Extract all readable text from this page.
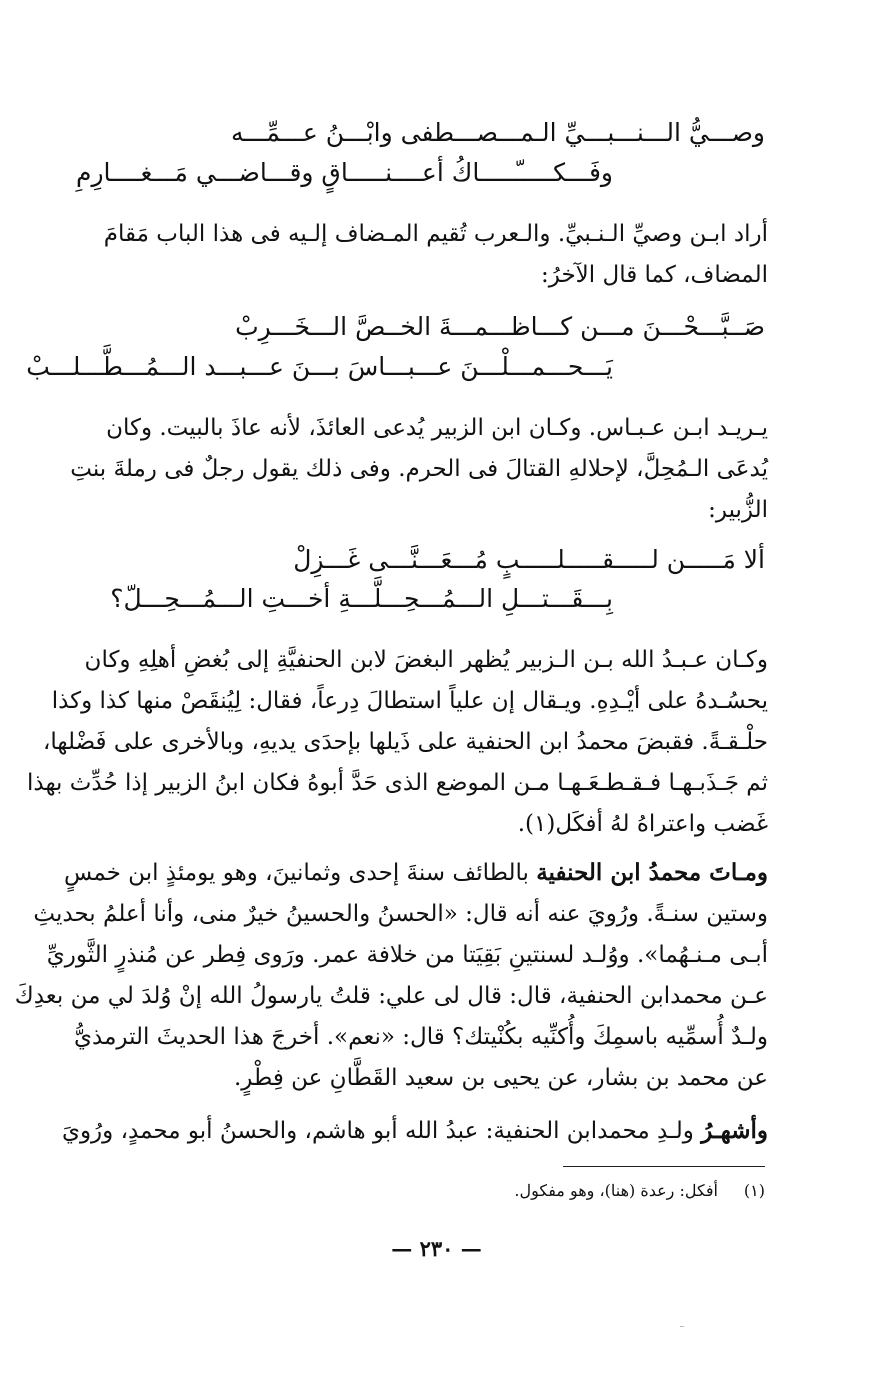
وصـــيُّ الـــنـــبـــيِّ الـمـــصـــطفى وابْـــنُ عـــمِّـــه
وفَـــكـــــّـــــاكُ أعــــنـــــاقٍ وقـــاضـــي مَـــغــــارِمِ
أراد ابـن وصيِّ الـنـبيِّ. والـعرب تُقيم المـضاف إلـيه فى هذا الباب مَقامَ
المضاف، كما قال الآخرُ:
صَــبَّـــحْـــنَ مـــن كـــاظـــمـــةَ الخــصَّ الـــخَـــرِبْ
يَـــحـــمـــلْـــنَ عـــبـــاسَ بـــنَ عـــبـــد الـــمُـــطَّـــلـــبْ
يـريـد ابـن عـبـاس. وكـان ابن الزبير يُدعى العائذَ، لأنه عاذَ بالبيت. وكان
يُدعَى الـمُحِلَّ، لإحلالهِ القتالَ فى الحرم. وفى ذلك يقول رجلٌ فى رملةَ بنتِ
الزُّبير:
ألا مَـــــن لـــــقـــــلـــــبٍ مُـــعَـــنَّـــى غَـــزِلْ
بِـــقَـــتـــلِ الـــمُـــحِـــلَّـــةِ أخـــتِ الـــمُـــحِـــلّ؟
وكـان عـبـدُ الله بـن الـزبير يُظهر البغضَ لابن الحنفيَّةِ إلى بُغضِ أهلِهِ وكان
يحسُـدهُ على أيْـدِهِ. ويـقال إن علياً استطالَ دِرعاً، فقال: لِيُنقَصْ منها كذا وكذا
حلْـقـةً. فقبضَ محمدُ ابن الحنفية على ذَيلها بإحدَى يديهِ، وبالأخرى على فَضْلها،
ثم جَـذَبـهـا فـقـطـعَـهـا مـن الموضع الذى حَدَّ أبوهُ فكان ابنُ الزبير إذا حُدِّث بهذا
غَضب واعتراهُ لهُ أفكَل(١).
ومـاتَ محمدُ ابن الحنفية بالطائف سنةَ إحدى وثمانينَ، وهو يومئذٍ ابن خمسٍ
وستين سنـةً. ورُويَ عنه أنه قال: «الحسنُ والحسينُ خيرٌ منى، وأنا أعلمُ بحديثِ
أبـى مـنـهُما». ووُلـد لسنتينِ بَقِيَتا من خلافة عمر. ورَوى فِطر عن مُنذرٍ الثَّوريِّ
عـن محمدابن الحنفية، قال: قال لى علي: قلتُ يارسولُ الله إنْ وُلدَ لي من بعدِكَ
ولـدٌ أُسمِّيه باسمِكَ وأُكنِّيه بكُنْيتك؟ قال: «نعم». أخرجَ هذا الحديثَ الترمذيُّ
عن محمد بن بشار، عن يحيى بن سعيد القَطَّانِ عن فِطْرٍ.
وأشهـرُ ولـدِ محمدابن الحنفية: عبدُ الله أبو هاشم، والحسنُ أبو محمدٍ، ورُويَ
(١)أفكل: رعدة (هنا)، وهو مفكول.
— ٢٣٠ —
